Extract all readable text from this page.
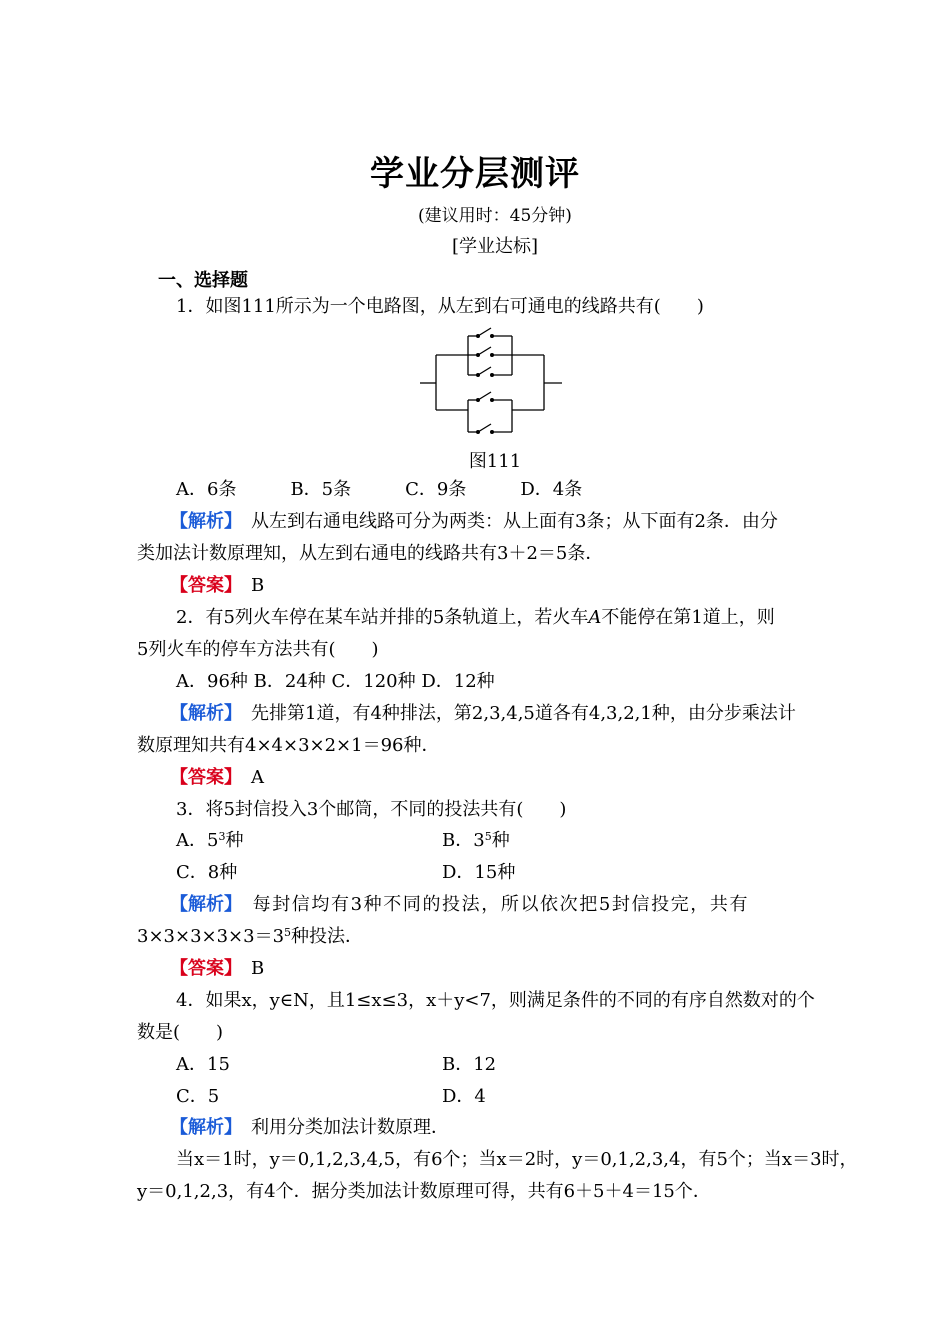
学业分层测评
(建议用时：45分钟)
[学业达标]
一、选择题
1．如图111所示为一个电路图，从左到右可通电的线路共有(　　)
图111
A．6条　　　B．5条　　　C．9条　　　D．4条
【解析】　从左到右通电线路可分为两类：从上面有3条；从下面有2条．由分
类加法计数原理知，从左到右通电的线路共有3＋2＝5条．
【答案】　B
2．有5列火车停在某车站并排的5条轨道上，若火车A不能停在第1道上，则
5列火车的停车方法共有(　　)
A．96种 B．24种 C．120种 D．12种
【解析】　先排第1道，有4种排法，第2,3,4,5道各有4,3,2,1种，由分步乘法计
数原理知共有4×4×3×2×1＝96种．
【答案】　A
3．将5封信投入3个邮筒，不同的投法共有(　　)
A．$5^3$种	B．$3^5$种
C．8种	D．15种
【解析】　每封信均有3种不同的投法，所以依次把5封信投完，共有
$3\times 3\times 3\times 3\times 3=3^5$种投法．
【答案】　B
4．如果x，y∈N，且1≤x≤3，x＋y<7，则满足条件的不同的有序自然数对的个
数是(　　)
A．15	B．12
C．5	D．4
【解析】　利用分类加法计数原理．
当x＝1时，y＝0,1,2,3,4,5，有6个；当x＝2时，y＝0,1,2,3,4，有5个；当x＝3时，
y＝0,1,2,3，有4个．据分类加法计数原理可得，共有6＋5＋4＝15个．
